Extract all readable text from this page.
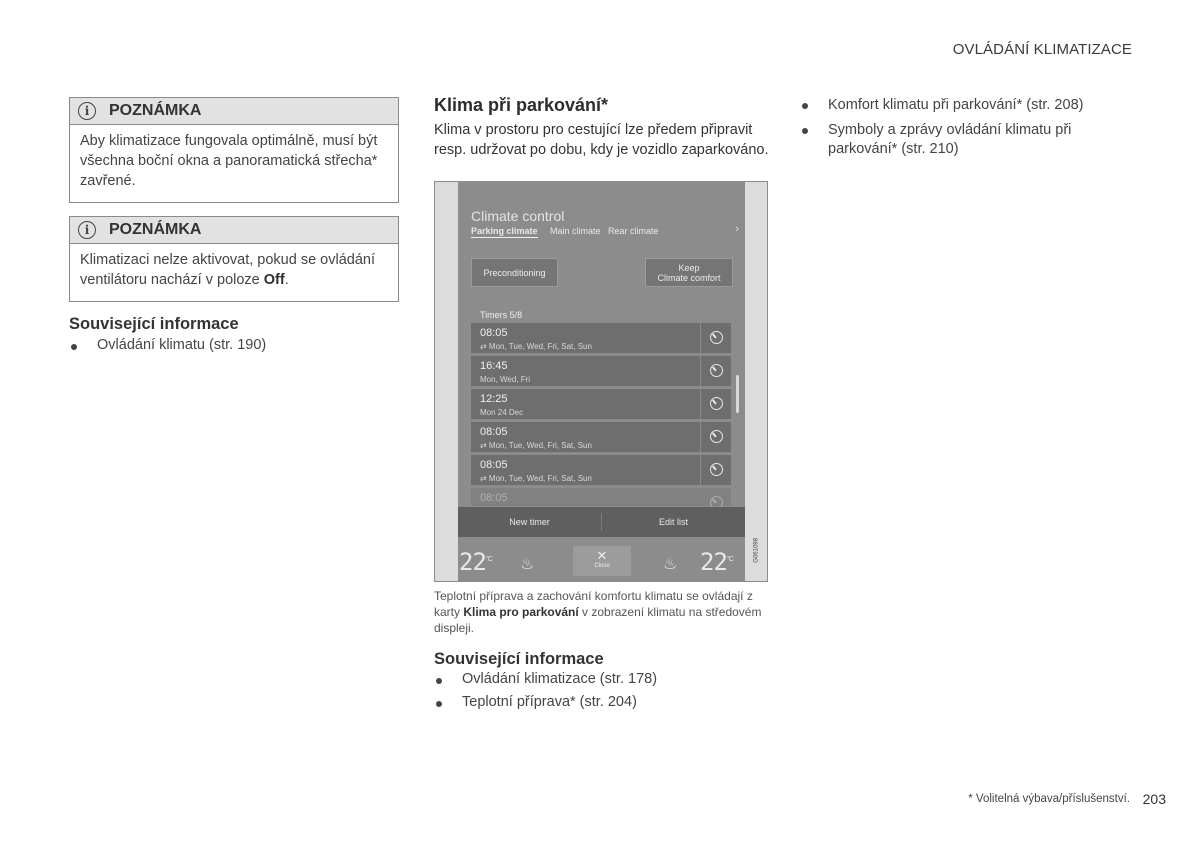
OVLÁDÁNÍ KLIMATIZACE
i	POZNÁMKA
Aby klimatizace fungovala optimálně, musí být všechna boční okna a panoramatická střecha* zavřené.
i	POZNÁMKA
Klimatizaci nelze aktivovat, pokud se ovládání ventilátoru nachází v poloze Off.
Související informace
Ovládání klimatu (str. 190)
Klima při parkování*
Klima v prostoru pro cestující lze předem připravit resp. udržovat po dobu, kdy je vozidlo zaparkováno.
Climate control
Parking climate Main climate Rear climate	›
Preconditioning	Keep
Climate comfort
Timers 5/8
08:05
⇄ Mon, Tue, Wed, Fri, Sat, Sun
16:45
Mon, Wed, Fri
12:25
Mon 24 Dec
08:05
⇄ Mon, Tue, Wed, Fri, Sat, Sun
08:05
⇄ Mon, Tue, Wed, Fri, Sat, Sun
08:05
New timer	Edit list
$22^{^\circ C}$ ♨
✕
Close	♨ $22^{^\circ C}$	G061098
Teplotní příprava a zachování komfortu klimatu se ovládají z karty Klima pro parkování v zobrazení klimatu na středovém displeji.
Související informace
Ovládání klimatizace (str. 178)
Teplotní příprava* (str. 204)
Komfort klimatu při parkování* (str. 208)
Symboly a zprávy ovládání klimatu při parkování* (str. 210)
* Volitelná výbava/příslušenství. 203
